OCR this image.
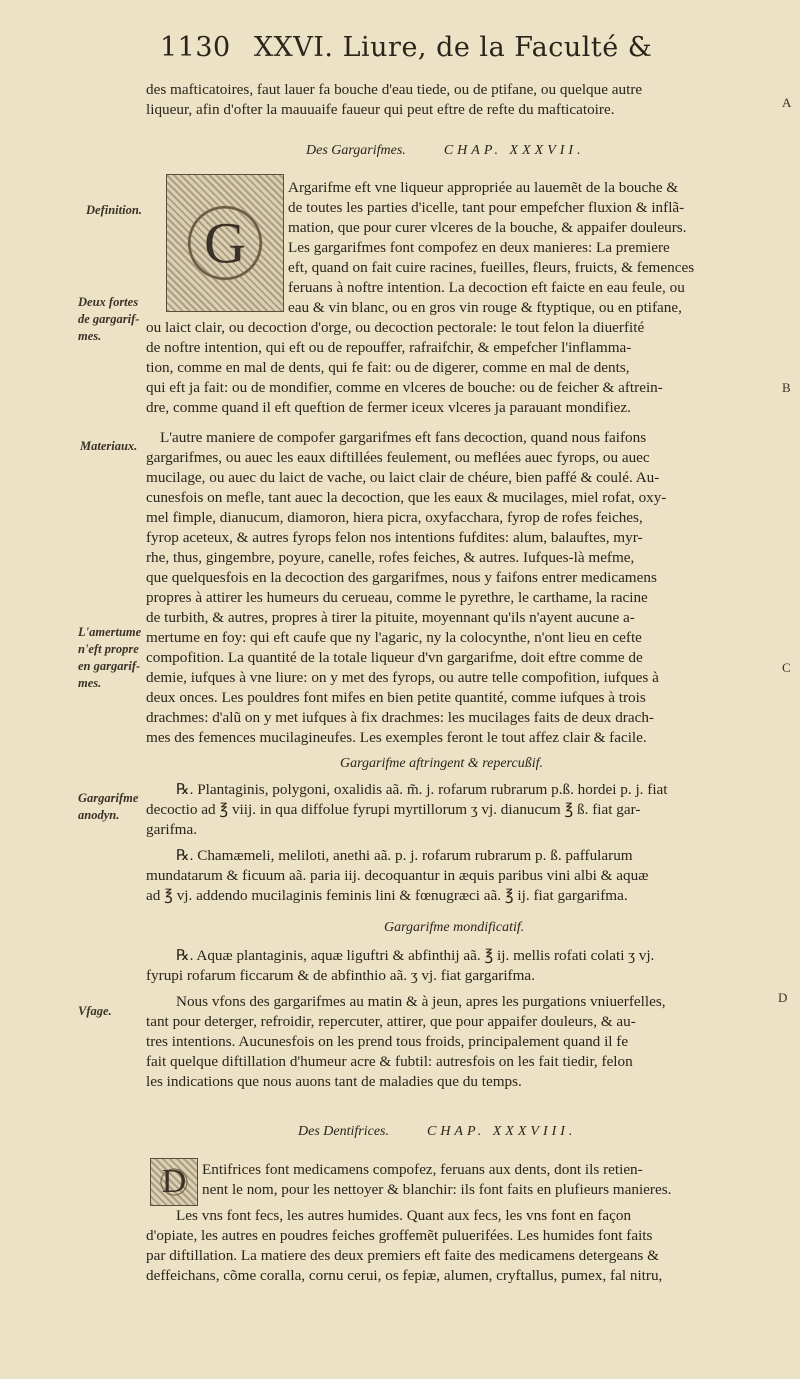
1130 XXVI. Liure, de la Faculté &
des mafticatoires, faut lauer fa bouche d'eau tiede, ou de ptifane, ou quelque autre
liqueur, afin d'ofter la mauuaife faueur qui peut eftre de refte du mafticatoire.	A
Des Gargarifmes.	CHAP. XXXVII.
G
Definition.
Deux fortes de gargarif- mes.
Materiaux.
L'amertume n'eft propre en gargarif- mes.
Gargarifme anodyn.
Vfage.
Argarifme eft vne liqueur appropriée au lauemẽt de la bouche &
de toutes les parties d'icelle, tant pour empefcher fluxion & inflã-
mation, que pour curer vlceres de la bouche, & appaifer douleurs.
Les gargarifmes font compofez en deux manieres: La premiere
eft, quand on fait cuire racines, fueilles, fleurs, fruicts, & femences
feruans à noftre intention. La decoction eft faicte en eau feule, ou
eau & vin blanc, ou en gros vin rouge & ftyptique, ou en ptifane,
ou laict clair, ou decoction d'orge, ou decoction pectorale: le tout felon la diuerfité
de noftre intention, qui eft ou de repouffer, rafraifchir, & empefcher l'inflamma-
tion, comme en mal de dents, qui fe fait: ou de digerer, comme en mal de dents,
qui eft ja fait: ou de mondifier, comme en vlceres de bouche: ou de feicher & aftrein-	B
dre, comme quand il eft queftion de fermer iceux vlceres ja parauant mondifiez.
L'autre maniere de compofer gargarifmes eft fans decoction, quand nous faifons
gargarifmes, ou auec les eaux diftillées feulement, ou meflées auec fyrops, ou auec
mucilage, ou auec du laict de vache, ou laict clair de chéure, bien paffé & coulé. Au-
cunesfois on mefle, tant auec la decoction, que les eaux & mucilages, miel rofat, oxy-
mel fimple, dianucum, diamoron, hiera picra, oxyfacchara, fyrop de rofes feiches,
fyrop aceteux, & autres fyrops felon nos intentions fufdites: alum, balauftes, myr-
rhe, thus, gingembre, poyure, canelle, rofes feiches, & autres. Iufques-là mefme,
que quelquesfois en la decoction des gargarifmes, nous y faifons entrer medicamens
propres à attirer les humeurs du cerueau, comme le pyrethre, le carthame, la racine
de turbith, & autres, propres à tirer la pituite, moyennant qu'ils n'ayent aucune a-
mertume en foy: qui eft caufe que ny l'agaric, ny la colocynthe, n'ont lieu en cefte
compofition. La quantité de la totale liqueur d'vn gargarifme, doit eftre comme de
C
demie, iufques à vne liure: on y met des fyrops, ou autre telle compofition, iufques à
deux onces. Les pouldres font mifes en bien petite quantité, comme iufques à trois
drachmes: d'alũ on y met iufques à fix drachmes: les mucilages faits de deux drach-
mes des femences mucilagineufes. Les exemples feront le tout affez clair & facile.
Gargarifme aftringent & repercußif.
℞. Plantaginis, polygoni, oxalidis aã. m̃. j. rofarum rubrarum p.ß. hordei p. j. fiat
decoctio ad ℥ viij. in qua diffolue fyrupi myrtillorum ʒ vj. dianucum ℥ ß. fiat gar-
garifma.
℞. Chamæmeli, meliloti, anethi aã. p. j. rofarum rubrarum p. ß. paffularum
mundatarum & ficuum aã. paria iij. decoquantur in æquis paribus vini albi & aquæ
ad ℥ vj. addendo mucilaginis feminis lini & fœnugræci aã. ℥ ij. fiat gargarifma.
Gargarifme mondificatif.
℞. Aquæ plantaginis, aquæ liguftri & abfinthij aã. ℥ ij. mellis rofati colati ʒ vj.
fyrupi rofarum ficcarum & de abfinthio aã. ʒ vj. fiat gargarifma.
D
Nous vfons des gargarifmes au matin & à jeun, apres les purgations vniuerfelles,
tant pour deterger, refroidir, repercuter, attirer, que pour appaifer douleurs, & au-
tres intentions. Aucunesfois on les prend tous froids, principalement quand il fe
fait quelque diftillation d'humeur acre & fubtil: autresfois on les fait tiedir, felon
les indications que nous auons tant de maladies que du temps.
Des Dentifrices.	CHAP. XXXVIII.
D	Entifrices font medicamens compofez, feruans aux dents, dont ils retien-
nent le nom, pour les nettoyer & blanchir: ils font faits en plufieurs manieres.
Les vns font fecs, les autres humides. Quant aux fecs, les vns font en façon
d'opiate, les autres en poudres feiches groffemẽt puluerifées. Les humides font faits
par diftillation. La matiere des deux premiers eft faite des medicamens detergeans &
deffeichans, cõme coralla, cornu cerui, os fepiæ, alumen, cryftallus, pumex, fal nitru,
